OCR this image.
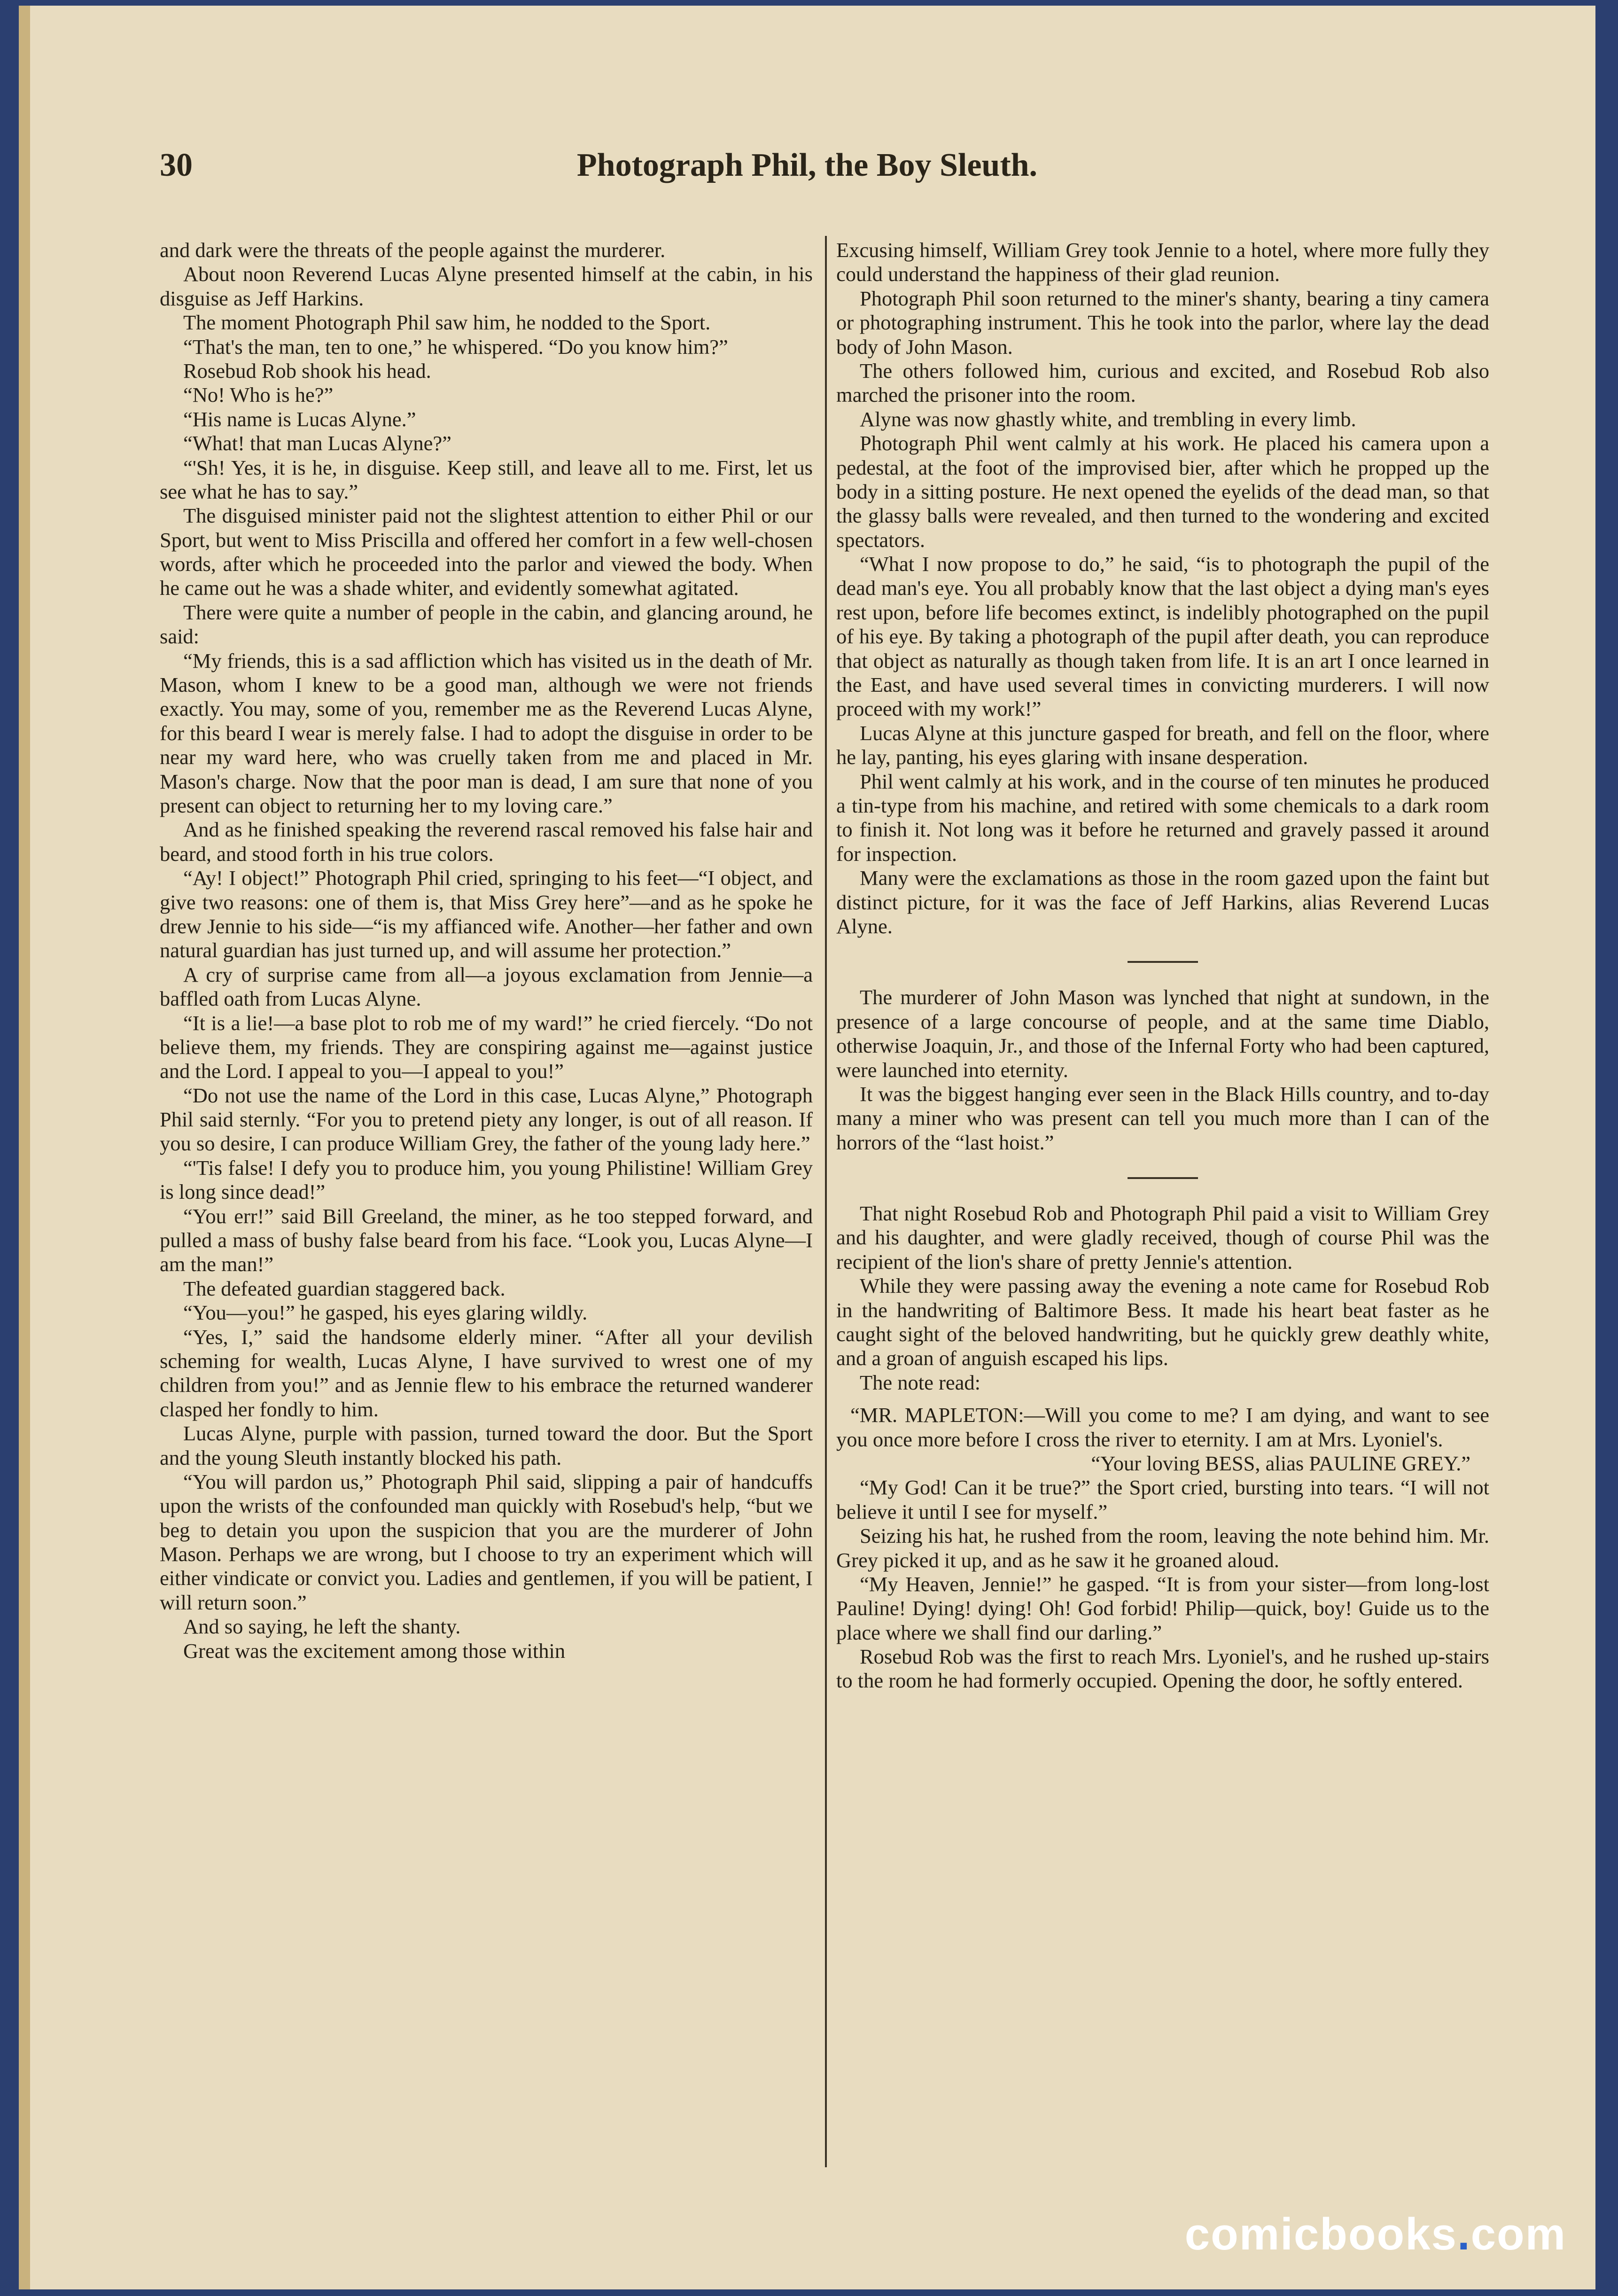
30	Photograph Phil, the Boy Sleuth.

and dark were the threats of the people against the murderer.

About noon Reverend Lucas Alyne presented himself at the cabin, in his disguise as Jeff Harkins.

The moment Photograph Phil saw him, he nodded to the Sport.

“That's the man, ten to one,” he whispered. “Do you know him?”

Rosebud Rob shook his head.

“No! Who is he?”

“His name is Lucas Alyne.”

“What! that man Lucas Alyne?”

“'Sh! Yes, it is he, in disguise. Keep still, and leave all to me. First, let us see what he has to say.”

The disguised minister paid not the slightest attention to either Phil or our Sport, but went to Miss Priscilla and offered her comfort in a few well-chosen words, after which he proceeded into the parlor and viewed the body. When he came out he was a shade whiter, and evidently somewhat agitated.

There were quite a number of people in the cabin, and glancing around, he said:

“My friends, this is a sad affliction which has visited us in the death of Mr. Mason, whom I knew to be a good man, although we were not friends exactly. You may, some of you, remember me as the Reverend Lucas Alyne, for this beard I wear is merely false. I had to adopt the disguise in order to be near my ward here, who was cruelly taken from me and placed in Mr. Mason's charge. Now that the poor man is dead, I am sure that none of you present can object to returning her to my loving care.”

And as he finished speaking the reverend rascal removed his false hair and beard, and stood forth in his true colors.

“Ay! I object!” Photograph Phil cried, springing to his feet—“I object, and give two reasons: one of them is, that Miss Grey here”—and as he spoke he drew Jennie to his side—“is my affianced wife. Another—her father and own natural guardian has just turned up, and will assume her protection.”

A cry of surprise came from all—a joyous exclamation from Jennie—a baffled oath from Lucas Alyne.

“It is a lie!—a base plot to rob me of my ward!” he cried fiercely. “Do not believe them, my friends. They are conspiring against me—against justice and the Lord. I appeal to you—I appeal to you!”

“Do not use the name of the Lord in this case, Lucas Alyne,” Photograph Phil said sternly. “For you to pretend piety any longer, is out of all reason. If you so desire, I can produce William Grey, the father of the young lady here.”

“'Tis false! I defy you to produce him, you young Philistine! William Grey is long since dead!”

“You err!” said Bill Greeland, the miner, as he too stepped forward, and pulled a mass of bushy false beard from his face. “Look you, Lucas Alyne—I am the man!”

The defeated guardian staggered back.

“You—you!” he gasped, his eyes glaring wildly.

“Yes, I,” said the handsome elderly miner. “After all your devilish scheming for wealth, Lucas Alyne, I have survived to wrest one of my children from you!” and as Jennie flew to his embrace the returned wanderer clasped her fondly to him.

Lucas Alyne, purple with passion, turned toward the door. But the Sport and the young Sleuth instantly blocked his path.

“You will pardon us,” Photograph Phil said, slipping a pair of handcuffs upon the wrists of the confounded man quickly with Rosebud's help, “but we beg to detain you upon the suspicion that you are the murderer of John Mason. Perhaps we are wrong, but I choose to try an experiment which will either vindicate or convict you. Ladies and gentlemen, if you will be patient, I will return soon.”

And so saying, he left the shanty.

Great was the excitement among those within

Excusing himself, William Grey took Jennie to a hotel, where more fully they could understand the happiness of their glad reunion.

Photograph Phil soon returned to the miner's shanty, bearing a tiny camera or photographing instrument. This he took into the parlor, where lay the dead body of John Mason.

The others followed him, curious and excited, and Rosebud Rob also marched the prisoner into the room.

Alyne was now ghastly white, and trembling in every limb.

Photograph Phil went calmly at his work. He placed his camera upon a pedestal, at the foot of the improvised bier, after which he propped up the body in a sitting posture. He next opened the eyelids of the dead man, so that the glassy balls were revealed, and then turned to the wondering and excited spectators.

“What I now propose to do,” he said, “is to photograph the pupil of the dead man's eye. You all probably know that the last object a dying man's eyes rest upon, before life becomes extinct, is indelibly photographed on the pupil of his eye. By taking a photograph of the pupil after death, you can reproduce that object as naturally as though taken from life. It is an art I once learned in the East, and have used several times in convicting murderers. I will now proceed with my work!”

Lucas Alyne at this juncture gasped for breath, and fell on the floor, where he lay, panting, his eyes glaring with insane desperation.

Phil went calmly at his work, and in the course of ten minutes he produced a tin-type from his machine, and retired with some chemicals to a dark room to finish it. Not long was it before he returned and gravely passed it around for inspection.

Many were the exclamations as those in the room gazed upon the faint but distinct picture, for it was the face of Jeff Harkins, alias Reverend Lucas Alyne.

The murderer of John Mason was lynched that night at sundown, in the presence of a large concourse of people, and at the same time Diablo, otherwise Joaquin, Jr., and those of the Infernal Forty who had been captured, were launched into eternity.

It was the biggest hanging ever seen in the Black Hills country, and to-day many a miner who was present can tell you much more than I can of the horrors of the “last hoist.”

That night Rosebud Rob and Photograph Phil paid a visit to William Grey and his daughter, and were gladly received, though of course Phil was the recipient of the lion's share of pretty Jennie's attention.

While they were passing away the evening a note came for Rosebud Rob in the handwriting of Baltimore Bess. It made his heart beat faster as he caught sight of the beloved handwriting, but he quickly grew deathly white, and a groan of anguish escaped his lips.

The note read:

“MR. MAPLETON:—Will you come to me? I am dying, and want to see you once more before I cross the river to eternity. I am at Mrs. Lyoniel's.

“Your loving BESS, alias PAULINE GREY.”

“My God! Can it be true?” the Sport cried, bursting into tears. “I will not believe it until I see for myself.”

Seizing his hat, he rushed from the room, leaving the note behind him. Mr. Grey picked it up, and as he saw it he groaned aloud.

“My Heaven, Jennie!” he gasped. “It is from your sister—from long-lost Pauline! Dying! dying! Oh! God forbid! Philip—quick, boy! Guide us to the place where we shall find our darling.”

Rosebud Rob was the first to reach Mrs. Lyoniel's, and he rushed up-stairs to the room he had formerly occupied. Opening the door, he softly entered.

comicbooks.com
